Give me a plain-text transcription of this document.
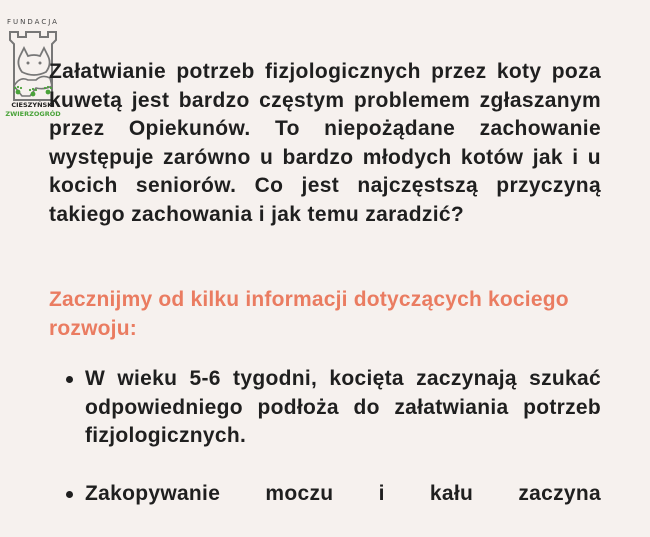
FUNDACJA
CIESZYŃSKI
ZWIERZOGRÓD

Załatwianie potrzeb fizjologicznych przez koty poza kuwetą jest bardzo częstym problemem zgłaszanym przez Opiekunów. To niepożądane zachowanie występuje zarówno u bardzo młodych kotów jak i u kocich seniorów. Co jest najczęstszą przyczyną takiego zachowania i jak temu zaradzić?

Zacznijmy od kilku informacji dotyczących kociego rozwoju:
W wieku 5-6 tygodni, kocięta zaczynają szukać odpowiedniego podłoża do załatwiania potrzeb fizjologicznych.
Zakopywanie moczu i kału zaczyna
